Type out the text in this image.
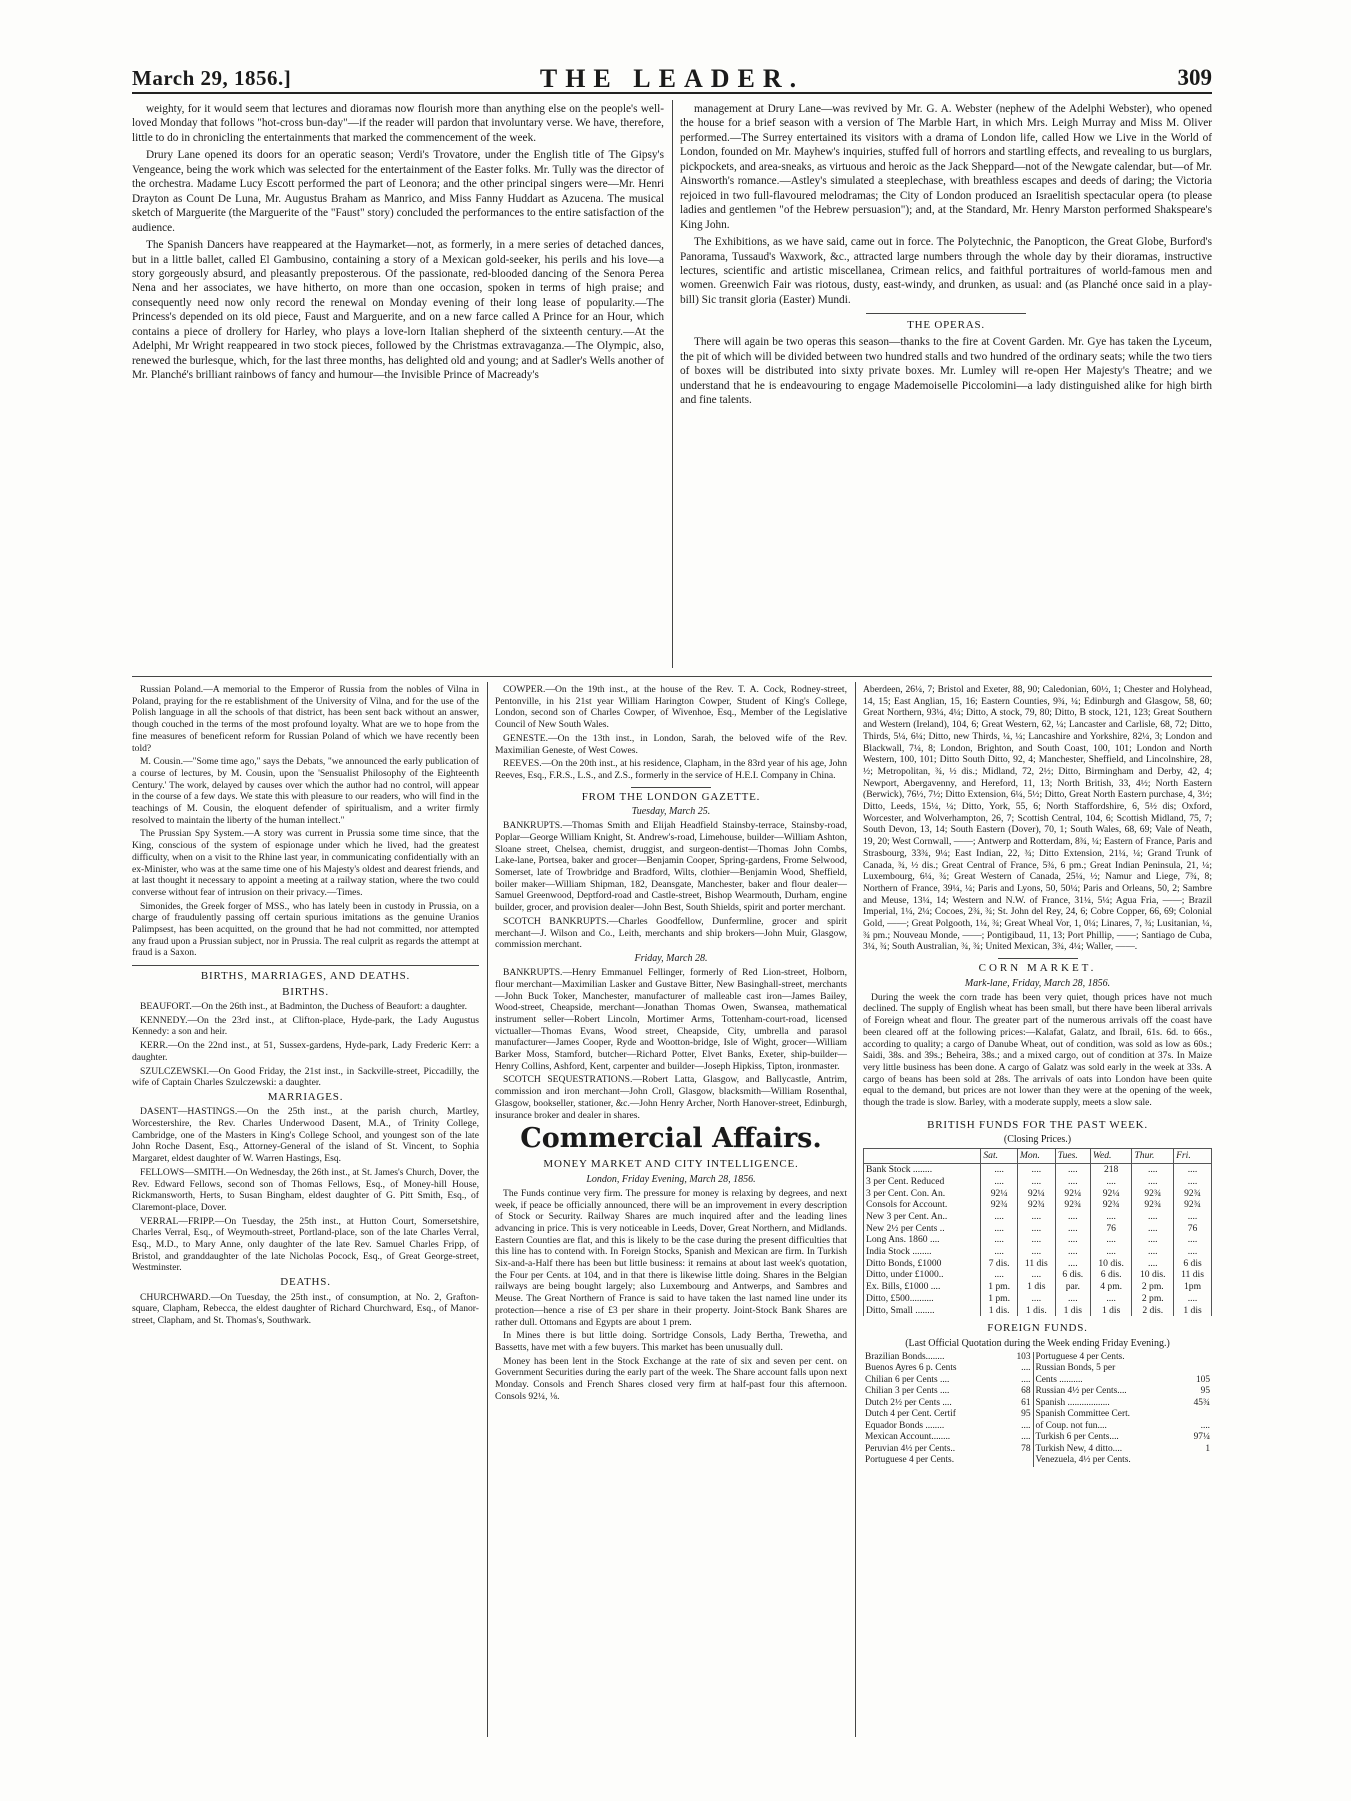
March 29, 1856.]	THE LEADER.	309

weighty, for it would seem that lectures and dioramas now flourish more than anything else on the people's well-loved Monday that follows "hot-cross bun-day"—if the reader will pardon that involuntary verse. We have, therefore, little to do in chronicling the entertainments that marked the commencement of the week.

Drury Lane opened its doors for an operatic season; Verdi's Trovatore, under the English title of The Gipsy's Vengeance, being the work which was selected for the entertainment of the Easter folks. Mr. Tully was the director of the orchestra. Madame Lucy Escott performed the part of Leonora; and the other principal singers were—Mr. Henri Drayton as Count De Luna, Mr. Augustus Braham as Manrico, and Miss Fanny Huddart as Azucena. The musical sketch of Marguerite (the Marguerite of the "Faust" story) concluded the performances to the entire satisfaction of the audience.

The Spanish Dancers have reappeared at the Haymarket—not, as formerly, in a mere series of detached dances, but in a little ballet, called El Gambusino, containing a story of a Mexican gold-seeker, his perils and his love—a story gorgeously absurd, and pleasantly preposterous. Of the passionate, red-blooded dancing of the Senora Perea Nena and her associates, we have hitherto, on more than one occasion, spoken in terms of high praise; and consequently need now only record the renewal on Monday evening of their long lease of popularity.—The Princess's depended on its old piece, Faust and Marguerite, and on a new farce called A Prince for an Hour, which contains a piece of drollery for Harley, who plays a love-lorn Italian shepherd of the sixteenth century.—At the Adelphi, Mr Wright reappeared in two stock pieces, followed by the Christmas extravaganza.—The Olympic, also, renewed the burlesque, which, for the last three months, has delighted old and young; and at Sadler's Wells another of Mr. Planché's brilliant rainbows of fancy and humour—the Invisible Prince of Macready's

management at Drury Lane—was revived by Mr. G. A. Webster (nephew of the Adelphi Webster), who opened the house for a brief season with a version of The Marble Hart, in which Mrs. Leigh Murray and Miss M. Oliver performed.—The Surrey entertained its visitors with a drama of London life, called How we Live in the World of London, founded on Mr. Mayhew's inquiries, stuffed full of horrors and startling effects, and revealing to us burglars, pickpockets, and area-sneaks, as virtuous and heroic as the Jack Sheppard—not of the Newgate calendar, but—of Mr. Ainsworth's romance.—Astley's simulated a steeplechase, with breathless escapes and deeds of daring; the Victoria rejoiced in two full-flavoured melodramas; the City of London produced an Israelitish spectacular opera (to please ladies and gentlemen "of the Hebrew persuasion"); and, at the Standard, Mr. Henry Marston performed Shakspeare's King John.

The Exhibitions, as we have said, came out in force. The Polytechnic, the Panopticon, the Great Globe, Burford's Panorama, Tussaud's Waxwork, &c., attracted large numbers through the whole day by their dioramas, instructive lectures, scientific and artistic miscellanea, Crimean relics, and faithful portraitures of world-famous men and women. Greenwich Fair was riotous, dusty, east-windy, and drunken, as usual: and (as Planché once said in a play-bill) Sic transit gloria (Easter) Mundi.

THE OPERAS.

There will again be two operas this season—thanks to the fire at Covent Garden. Mr. Gye has taken the Lyceum, the pit of which will be divided between two hundred stalls and two hundred of the ordinary seats; while the two tiers of boxes will be distributed into sixty private boxes. Mr. Lumley will re-open Her Majesty's Theatre; and we understand that he is endeavouring to engage Mademoiselle Piccolomini—a lady distinguished alike for high birth and fine talents.

Russian Poland.—A memorial to the Emperor of Russia from the nobles of Vilna in Poland, praying for the re establishment of the University of Vilna, and for the use of the Polish language in all the schools of that district, has been sent back without an answer, though couched in the terms of the most profound loyalty. What are we to hope from the fine measures of beneficent reform for Russian Poland of which we have recently been told?

M. Cousin.—"Some time ago," says the Debats, "we announced the early publication of a course of lectures, by M. Cousin, upon the 'Sensualist Philosophy of the Eighteenth Century.' The work, delayed by causes over which the author had no control, will appear in the course of a few days. We state this with pleasure to our readers, who will find in the teachings of M. Cousin, the eloquent defender of spiritualism, and a writer firmly resolved to maintain the liberty of the human intellect."

The Prussian Spy System.—A story was current in Prussia some time since, that the King, conscious of the system of espionage under which he lived, had the greatest difficulty, when on a visit to the Rhine last year, in communicating confidentially with an ex-Minister, who was at the same time one of his Majesty's oldest and dearest friends, and at last thought it necessary to appoint a meeting at a railway station, where the two could converse without fear of intrusion on their privacy.—Times.

Simonides, the Greek forger of MSS., who has lately been in custody in Prussia, on a charge of fraudulently passing off certain spurious imitations as the genuine Uranios Palimpsest, has been acquitted, on the ground that he had not committed, nor attempted any fraud upon a Prussian subject, nor in Prussia. The real culprit as regards the attempt at fraud is a Saxon.

BIRTHS, MARRIAGES, AND DEATHS.

BIRTHS.

BEAUFORT.—On the 26th inst., at Badminton, the Duchess of Beaufort: a daughter.

KENNEDY.—On the 23rd inst., at Clifton-place, Hyde-park, the Lady Augustus Kennedy: a son and heir.

KERR.—On the 22nd inst., at 51, Sussex-gardens, Hyde-park, Lady Frederic Kerr: a daughter.

SZULCZEWSKI.—On Good Friday, the 21st inst., in Sackville-street, Piccadilly, the wife of Captain Charles Szulczewski: a daughter.

MARRIAGES.

DASENT—HASTINGS.—On the 25th inst., at the parish church, Martley, Worcestershire, the Rev. Charles Underwood Dasent, M.A., of Trinity College, Cambridge, one of the Masters in King's College School, and youngest son of the late John Roche Dasent, Esq., Attorney-General of the island of St. Vincent, to Sophia Margaret, eldest daughter of W. Warren Hastings, Esq.

FELLOWS—SMITH.—On Wednesday, the 26th inst., at St. James's Church, Dover, the Rev. Edward Fellows, second son of Thomas Fellows, Esq., of Money-hill House, Rickmansworth, Herts, to Susan Bingham, eldest daughter of G. Pitt Smith, Esq., of Claremont-place, Dover.

VERRAL—FRIPP.—On Tuesday, the 25th inst., at Hutton Court, Somersetshire, Charles Verral, Esq., of Weymouth-street, Portland-place, son of the late Charles Verral, Esq., M.D., to Mary Anne, only daughter of the late Rev. Samuel Charles Fripp, of Bristol, and granddaughter of the late Nicholas Pocock, Esq., of Great George-street, Westminster.

DEATHS.

CHURCHWARD.—On Tuesday, the 25th inst., of consumption, at No. 2, Grafton-square, Clapham, Rebecca, the eldest daughter of Richard Churchward, Esq., of Manor-street, Clapham, and St. Thomas's, Southwark.

COWPER.—On the 19th inst., at the house of the Rev. T. A. Cock, Rodney-street, Pentonville, in his 21st year William Harington Cowper, Student of King's College, London, second son of Charles Cowper, of Wivenhoe, Esq., Member of the Legislative Council of New South Wales.

GENESTE.—On the 13th inst., in London, Sarah, the beloved wife of the Rev. Maximilian Geneste, of West Cowes.

REEVES.—On the 20th inst., at his residence, Clapham, in the 83rd year of his age, John Reeves, Esq., F.R.S., L.S., and Z.S., formerly in the service of H.E.I. Company in China.

FROM THE LONDON GAZETTE.

Tuesday, March 25.

BANKRUPTS.—Thomas Smith and Elijah Headfield Stainsby-terrace, Stainsby-road, Poplar—George William Knight, St. Andrew's-road, Limehouse, builder—William Ashton, Sloane street, Chelsea, chemist, druggist, and surgeon-dentist—Thomas John Combs, Lake-lane, Portsea, baker and grocer—Benjamin Cooper, Spring-gardens, Frome Selwood, Somerset, late of Trowbridge and Bradford, Wilts, clothier—Benjamin Wood, Sheffield, boiler maker—William Shipman, 182, Deansgate, Manchester, baker and flour dealer—Samuel Greenwood, Deptford-road and Castle-street, Bishop Wearmouth, Durham, engine builder, grocer, and provision dealer—John Best, South Shields, spirit and porter merchant.

SCOTCH BANKRUPTS.—Charles Goodfellow, Dunfermline, grocer and spirit merchant—J. Wilson and Co., Leith, merchants and ship brokers—John Muir, Glasgow, commission merchant.

Friday, March 28.

BANKRUPTS.—Henry Emmanuel Fellinger, formerly of Red Lion-street, Holborn, flour merchant—Maximilian Lasker and Gustave Bitter, New Basinghall-street, merchants—John Buck Toker, Manchester, manufacturer of malleable cast iron—James Bailey, Wood-street, Cheapside, merchant—Jonathan Thomas Owen, Swansea, mathematical instrument seller—Robert Lincoln, Mortimer Arms, Tottenham-court-road, licensed victualler—Thomas Evans, Wood street, Cheapside, City, umbrella and parasol manufacturer—James Cooper, Ryde and Wootton-bridge, Isle of Wight, grocer—William Barker Moss, Stamford, butcher—Richard Potter, Elvet Banks, Exeter, ship-builder—Henry Collins, Ashford, Kent, carpenter and builder—Joseph Hipkiss, Tipton, ironmaster.

SCOTCH SEQUESTRATIONS.—Robert Latta, Glasgow, and Ballycastle, Antrim, commission and iron merchant—John Croll, Glasgow, blacksmith—William Rosenthal, Glasgow, bookseller, stationer, &c.—John Henry Archer, North Hanover-street, Edinburgh, insurance broker and dealer in shares.

Commercial Affairs.

MONEY MARKET AND CITY INTELLIGENCE.

London, Friday Evening, March 28, 1856.

The Funds continue very firm. The pressure for money is relaxing by degrees, and next week, if peace be officially announced, there will be an improvement in every description of Stock or Security. Railway Shares are much inquired after and the leading lines advancing in price. This is very noticeable in Leeds, Dover, Great Northern, and Midlands. Eastern Counties are flat, and this is likely to be the case during the present difficulties that this line has to contend with. In Foreign Stocks, Spanish and Mexican are firm. In Turkish Six-and-a-Half there has been but little business: it remains at about last week's quotation, the Four per Cents. at 104, and in that there is likewise little doing. Shares in the Belgian railways are being bought largely; also Luxembourg and Antwerps, and Sambres and Meuse. The Great Northern of France is said to have taken the last named line under its protection—hence a rise of £3 per share in their property. Joint-Stock Bank Shares are rather dull. Ottomans and Egypts are about 1 prem.

In Mines there is but little doing. Sortridge Consols, Lady Bertha, Trewetha, and Bassetts, have met with a few buyers. This market has been unusually dull.

Money has been lent in the Stock Exchange at the rate of six and seven per cent. on Government Securities during the early part of the week. The Share account falls upon next Monday. Consols and French Shares closed very firm at half-past four this afternoon. Consols 92¼, ⅛.

Aberdeen, 26¼, 7; Bristol and Exeter, 88, 90; Caledonian, 60½, 1; Chester and Holyhead, 14, 15; East Anglian, 15, 16; Eastern Counties, 9¾, ¼; Edinburgh and Glasgow, 58, 60; Great Northern, 93¼, 4¼; Ditto, A stock, 79, 80; Ditto, B stock, 121, 123; Great Southern and Western (Ireland), 104, 6; Great Western, 62, ¼; Lancaster and Carlisle, 68, 72; Ditto, Thirds, 5¼, 6¼; Ditto, new Thirds, ¼, ¼; Lancashire and Yorkshire, 82¼, 3; London and Blackwall, 7¼, 8; London, Brighton, and South Coast, 100, 101; London and North Western, 100, 101; Ditto South Ditto, 92, 4; Manchester, Sheffield, and Lincolnshire, 28, ½; Metropolitan, ¾, ½ dis.; Midland, 72, 2½; Ditto, Birmingham and Derby, 42, 4; Newport, Abergavenny, and Hereford, 11, 13; North British, 33, 4½; North Eastern (Berwick), 76½, 7½; Ditto Extension, 6¼, 5½; Ditto, Great North Eastern purchase, 4, 3½; Ditto, Leeds, 15¼, ¼; Ditto, York, 55, 6; North Staffordshire, 6, 5½ dis; Oxford, Worcester, and Wolverhampton, 26, 7; Scottish Central, 104, 6; Scottish Midland, 75, 7; South Devon, 13, 14; South Eastern (Dover), 70, 1; South Wales, 68, 69; Vale of Neath, 19, 20; West Cornwall, ——; Antwerp and Rotterdam, 8¾, ¼; Eastern of France, Paris and Strasbourg, 33¾, 9¼; East Indian, 22, ¾; Ditto Extension, 21¼, ¼; Grand Trunk of Canada, ¾, ½ dis.; Great Central of France, 5¾, 6 pm.; Great Indian Peninsula, 21, ¼; Luxembourg, 6¼, ¾; Great Western of Canada, 25¼, ½; Namur and Liege, 7¾, 8; Northern of France, 39¼, ¼; Paris and Lyons, 50, 50¼; Paris and Orleans, 50, 2; Sambre and Meuse, 13¼, 14; Western and N.W. of France, 31¼, 5¼; Agua Fria, ——; Brazil Imperial, 1¼, 2¼; Cocoes, 2¾, ¾; St. John del Rey, 24, 6; Cobre Copper, 66, 69; Colonial Gold, ——; Great Polgooth, 1¼, ¾; Great Wheal Vor, 1, 0¼; Linares, 7, ¾; Lusitanian, ¼, ¾ pm.; Nouveau Monde, ——; Pontigibaud, 11, 13; Port Phillip, ——; Santiago de Cuba, 3¼, ¾; South Australian, ¾, ¾; United Mexican, 3¾, 4¼; Waller, ——.

CORN MARKET.

Mark-lane, Friday, March 28, 1856.

During the week the corn trade has been very quiet, though prices have not much declined. The supply of English wheat has been small, but there have been liberal arrivals of Foreign wheat and flour. The greater part of the numerous arrivals off the coast have been cleared off at the following prices:—Kalafat, Galatz, and Ibrail, 61s. 6d. to 66s., according to quality; a cargo of Danube Wheat, out of condition, was sold as low as 60s.; Saidi, 38s. and 39s.; Beheira, 38s.; and a mixed cargo, out of condition at 37s. In Maize very little business has been done. A cargo of Galatz was sold early in the week at 33s. A cargo of beans has been sold at 28s. The arrivals of oats into London have been quite equal to the demand, but prices are not lower than they were at the opening of the week, though the trade is slow. Barley, with a moderate supply, meets a slow sale.

BRITISH FUNDS FOR THE PAST WEEK.

(Closing Prices.)

	Sat.	Mon.	Tues.	Wed.	Thur.	Fri.
Bank Stock ........	....	....	....	218	....	....
3 per Cent. Reduced	....	....	....	....	....	....
3 per Cent. Con. An.	92¼	92¼	92¼	92¼	92¾	92¾
Consols for Account.	92¾	92¾	92¾	92¾	92¾	92¾
New 3 per Cent. An..	....	....	....	....	....	....
New 2½ per Cents ..	....	....	....	76	....	76
Long Ans. 1860 ....	....	....	....	....	....	....
India Stock ........	....	....	....	....	....	....
Ditto Bonds, £1000	7 dis.	11 dis	....	10 dis.	....	6 dis
Ditto, under £1000..	....	....	6 dis.	6 dis.	10 dis.	11 dis
Ex. Bills, £1000 ....	1 pm.	1 dis	par.	4 pm.	2 pm.	1pm
Ditto, £500..........	1 pm.	....	....	....	2 pm.	....
Ditto, Small ........	1 dis.	1 dis.	1 dis	1 dis	2 dis.	1 dis

FOREIGN FUNDS.

(Last Official Quotation during the Week ending Friday Evening.)

Brazilian Bonds........	103	Portuguese 4 per Cents.	
Buenos Ayres 6 p. Cents	....	Russian Bonds, 5 per	
Chilian 6 per Cents ....	....	Cents ..........	105
Chilian 3 per Cents ....	68	Russian 4½ per Cents....	95
Dutch 2½ per Cents ....	61	Spanish ..................	45¾
Dutch 4 per Cent. Certif	95	Spanish Committee Cert.	
Equador Bonds ........	....	of Coup. not fun....	....
Mexican Account........	....	Turkish 6 per Cents....	97¼
Peruvian 4½ per Cents..	78	Turkish New, 4 ditto....	1
Portuguese 4 per Cents.		Venezuela, 4½ per Cents.	
